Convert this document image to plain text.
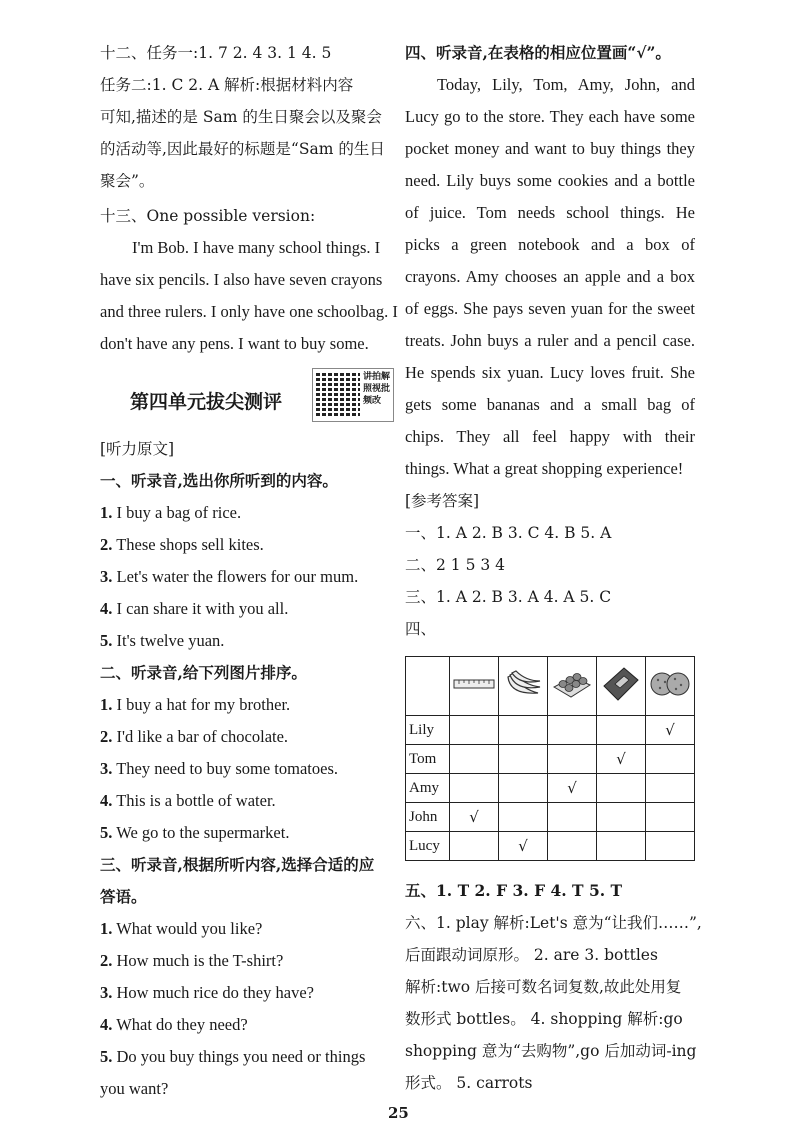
十二、任务一:1. 7 2. 4 3. 1 4. 5
任务二:1. C 2. A 解析:根据材料内容
可知,描述的是 Sam 的生日聚会以及聚会
的活动等,因此最好的标题是“Sam 的生日
聚会”。
十三、One possible version:
I'm Bob. I have many school things. I
have six pencils. I also have seven crayons
and three rulers. I only have one schoolbag. I
don't have any pens. I want to buy some.
第四单元拔尖测评
讲拍解照视批频改
[听力原文]
一、听录音,选出你所听到的内容。
1. I buy a bag of rice.
2. These shops sell kites.
3. Let's water the flowers for our mum.
4. I can share it with you all.
5. It's twelve yuan.
二、听录音,给下列图片排序。
1. I buy a hat for my brother.
2. I'd like a bar of chocolate.
3. They need to buy some tomatoes.
4. This is a bottle of water.
5. We go to the supermarket.
三、听录音,根据所听内容,选择合适的应
答语。
1. What would you like?
2. How much is the T-shirt?
3. How much rice do they have?
4. What do they need?
5. Do you buy things you need or things
you want?
四、听录音,在表格的相应位置画“√”。
Today, Lily, Tom, Amy, John, and
Lucy go to the store. They each have some
pocket money and want to buy things they
need. Lily buys some cookies and a bottle
of juice. Tom needs school things. He
picks a green notebook and a box of
crayons. Amy chooses an apple and a box
of eggs. She pays seven yuan for the sweet
treats. John buys a ruler and a pencil case.
He spends six yuan. Lucy loves fruit. She
gets some bananas and a small bag of
chips. They all feel happy with their
things. What a great shopping experience!
[参考答案]
一、1. A 2. B 3. C 4. B 5. A
二、2 1 5 3 4
三、1. A 2. B 3. A 4. A 5. C
四、

Lily					√
Tom				√	
Amy			√		
John	√				
Lucy		√			
五、1. T 2. F 3. F 4. T 5. T
六、1. play 解析:Let's 意为“让我们……”,
后面跟动词原形。 2. are 3. bottles
解析:two 后接可数名词复数,故此处用复
数形式 bottles。 4. shopping 解析:go
shopping 意为“去购物”,go 后加动词-ing
形式。 5. carrots
25
